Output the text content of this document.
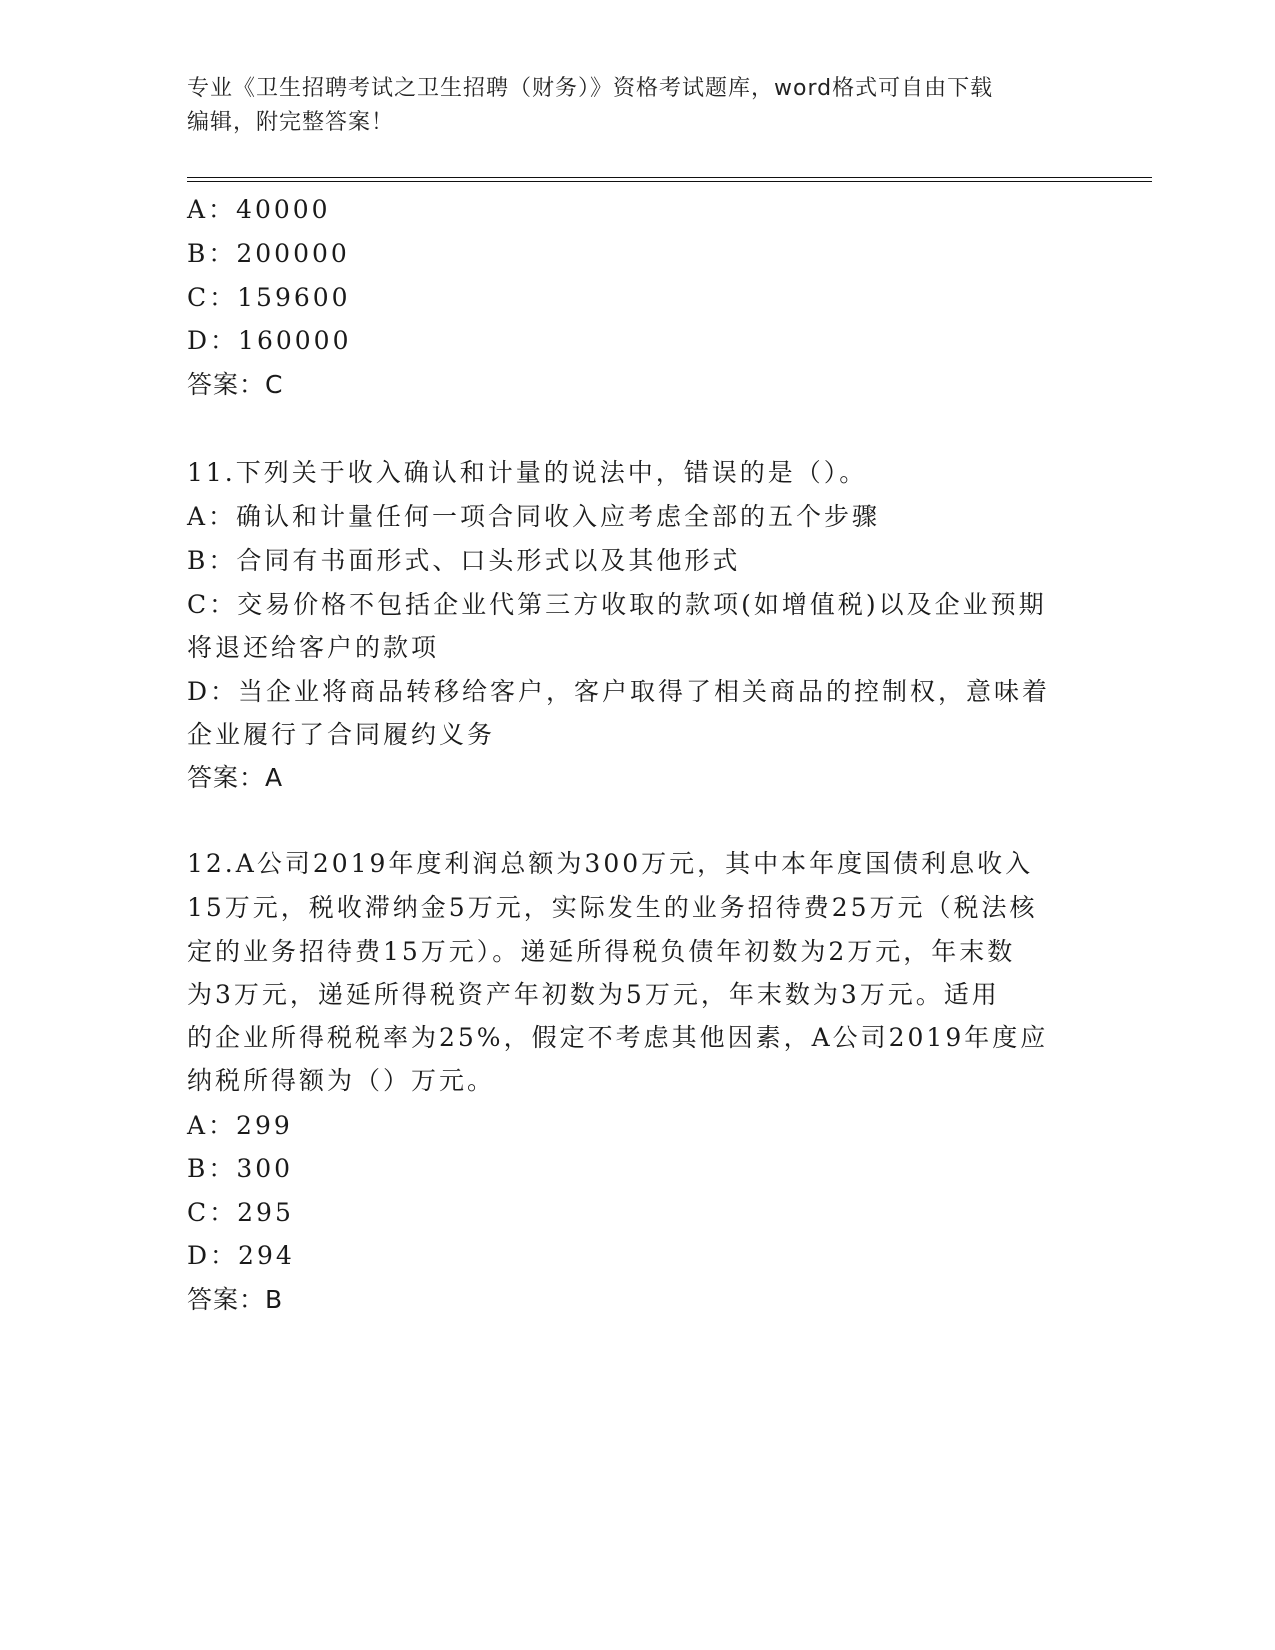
专业《卫生招聘考试之卫生招聘（财务）》资格考试题库，word格式可自由下载
编辑，附完整答案！
A：40000
B：200000
C：159600
D：160000
答案：C
11.下列关于收入确认和计量的说法中，错误的是（）。
A：确认和计量任何一项合同收入应考虑全部的五个步骤
B：合同有书面形式、口头形式以及其他形式
C：交易价格不包括企业代第三方收取的款项(如增值税)以及企业预期
将退还给客户的款项
D：当企业将商品转移给客户，客户取得了相关商品的控制权，意味着
企业履行了合同履约义务
答案：A
12.A公司2019年度利润总额为300万元，其中本年度国债利息收入
15万元，税收滞纳金5万元，实际发生的业务招待费25万元（税法核
定的业务招待费15万元）。递延所得税负债年初数为2万元，年末数
为3万元，递延所得税资产年初数为5万元，年末数为3万元。适用
的企业所得税税率为25%，假定不考虑其他因素，A公司2019年度应
纳税所得额为（）万元。
A：299
B：300
C：295
D：294
答案：B
